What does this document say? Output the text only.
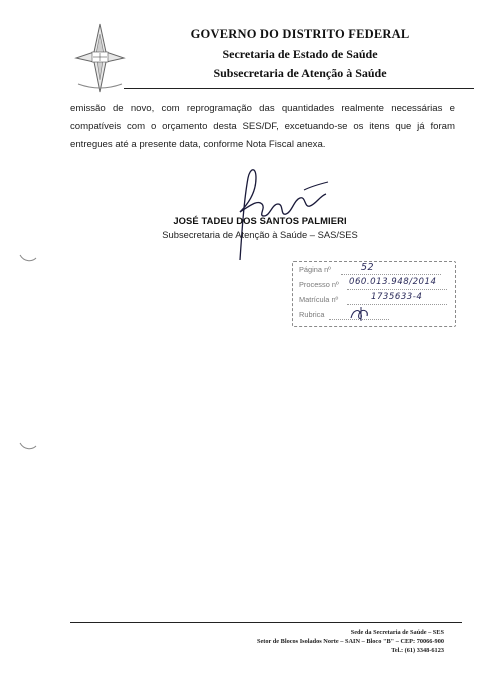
GOVERNO DO DISTRITO FEDERAL
Secretaria de Estado de Saúde
Subsecretaria de Atenção à Saúde
emissão de novo, com reprogramação das quantidades realmente necessárias e
compatíveis com o orçamento desta SES/DF, excetuando-se os itens que já foram
entregues até a presente data, conforme Nota Fiscal anexa.
JOSÉ TADEU DOS SANTOS PALMIERI
Subsecretaria de Atenção à Saúde – SAS/SES
Página nº	52
Processo nº 060.013.948/2014
Matrícula nº	1735633-4
Rubrica
Sede da Secretaria de Saúde – SES
Setor de Blocos Isolados Norte – SAIN – Bloco "B" – CEP: 70066-900
Tel.: (61) 3348-6123
